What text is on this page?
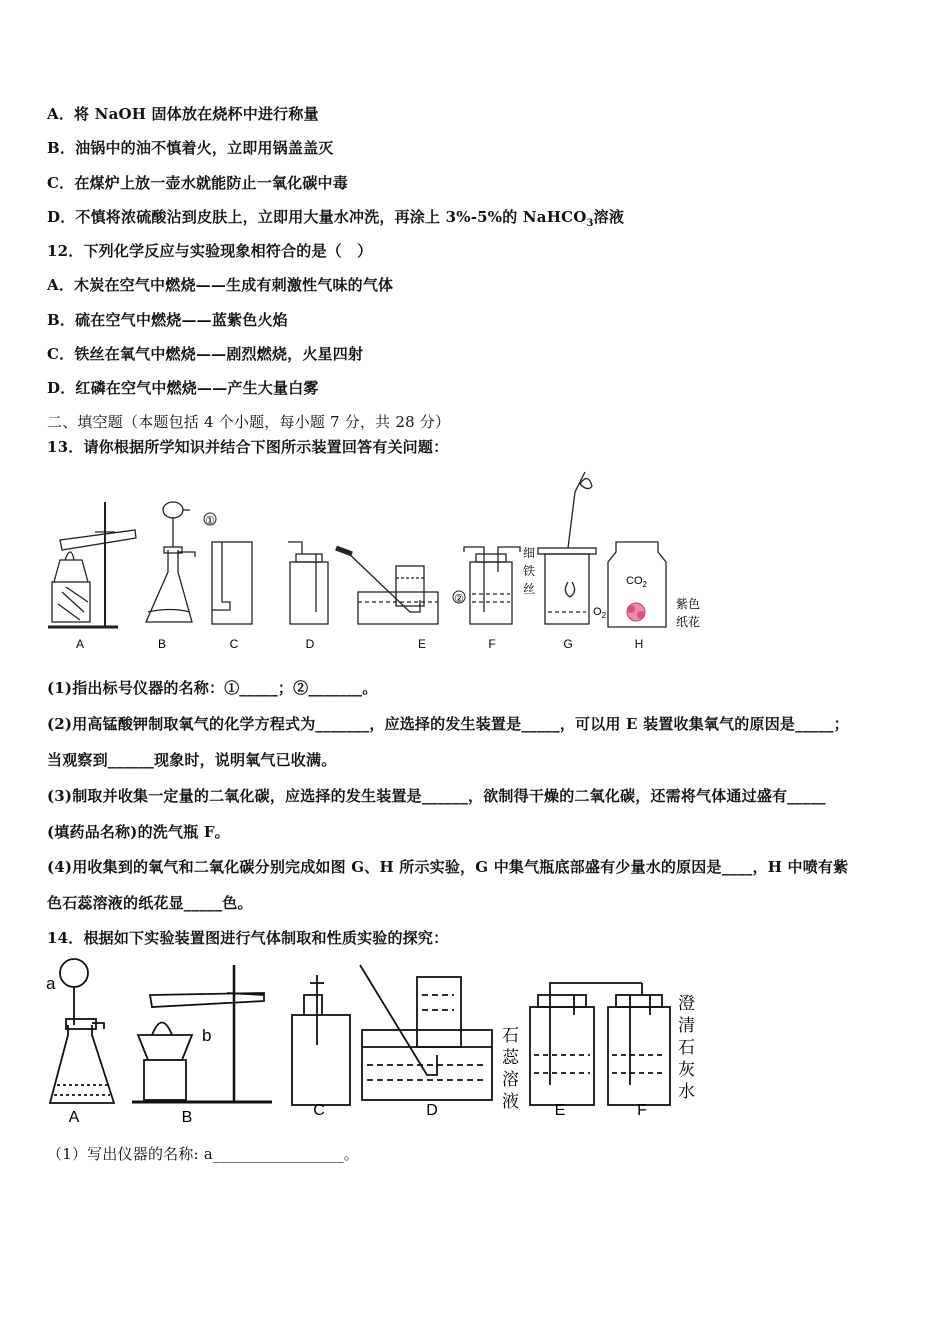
A．将 NaOH 固体放在烧杯中进行称量
B．油锅中的油不慎着火，立即用锅盖盖灭
C．在煤炉上放一壶水就能防止一氧化碳中毒
D．不慎将浓硫酸沾到皮肤上，立即用大量水冲洗，再涂上 3%-5%的 NaHCO$_3$溶液
12．下列化学反应与实验现象相符合的是（　）
A．木炭在空气中燃烧——生成有刺激性气味的气体
B．硫在空气中燃烧——蓝紫色火焰
C．铁丝在氧气中燃烧——剧烈燃烧，火星四射
D．红磷在空气中燃烧——产生大量白雾
二、填空题（本题包括 4 个小题，每小题 7 分，共 28 分）
13．请你根据所学知识并结合下图所示装置回答有关问题：
①
②
细
铁
丝
$O_2$
$CO_2$
紫色
纸花
A	B	C	D	E	F	G	H
(1)指出标号仪器的名称：①_____；②_______。
(2)用高锰酸钾制取氧气的化学方程式为_______，应选择的发生装置是_____，可以用 E 装置收集氧气的原因是_____；
当观察到______现象时，说明氧气已收满。
(3)制取并收集一定量的二氧化碳，应选择的发生装置是______，欲制得干燥的二氧化碳，还需将气体通过盛有_____
(填药品名称)的洗气瓶 F。
(4)用收集到的氧气和二氧化碳分别完成如图 G、H 所示实验，G 中集气瓶底部盛有少量水的原因是____，H 中喷有紫
色石蕊溶液的纸花显_____色。
14．根据如下实验装置图进行气体制取和性质实验的探究：
a
b	石
蕊
溶
液
澄
清
石
灰
水
A	B	C	D	E	F
（1）写出仪器的名称: a_________________。
